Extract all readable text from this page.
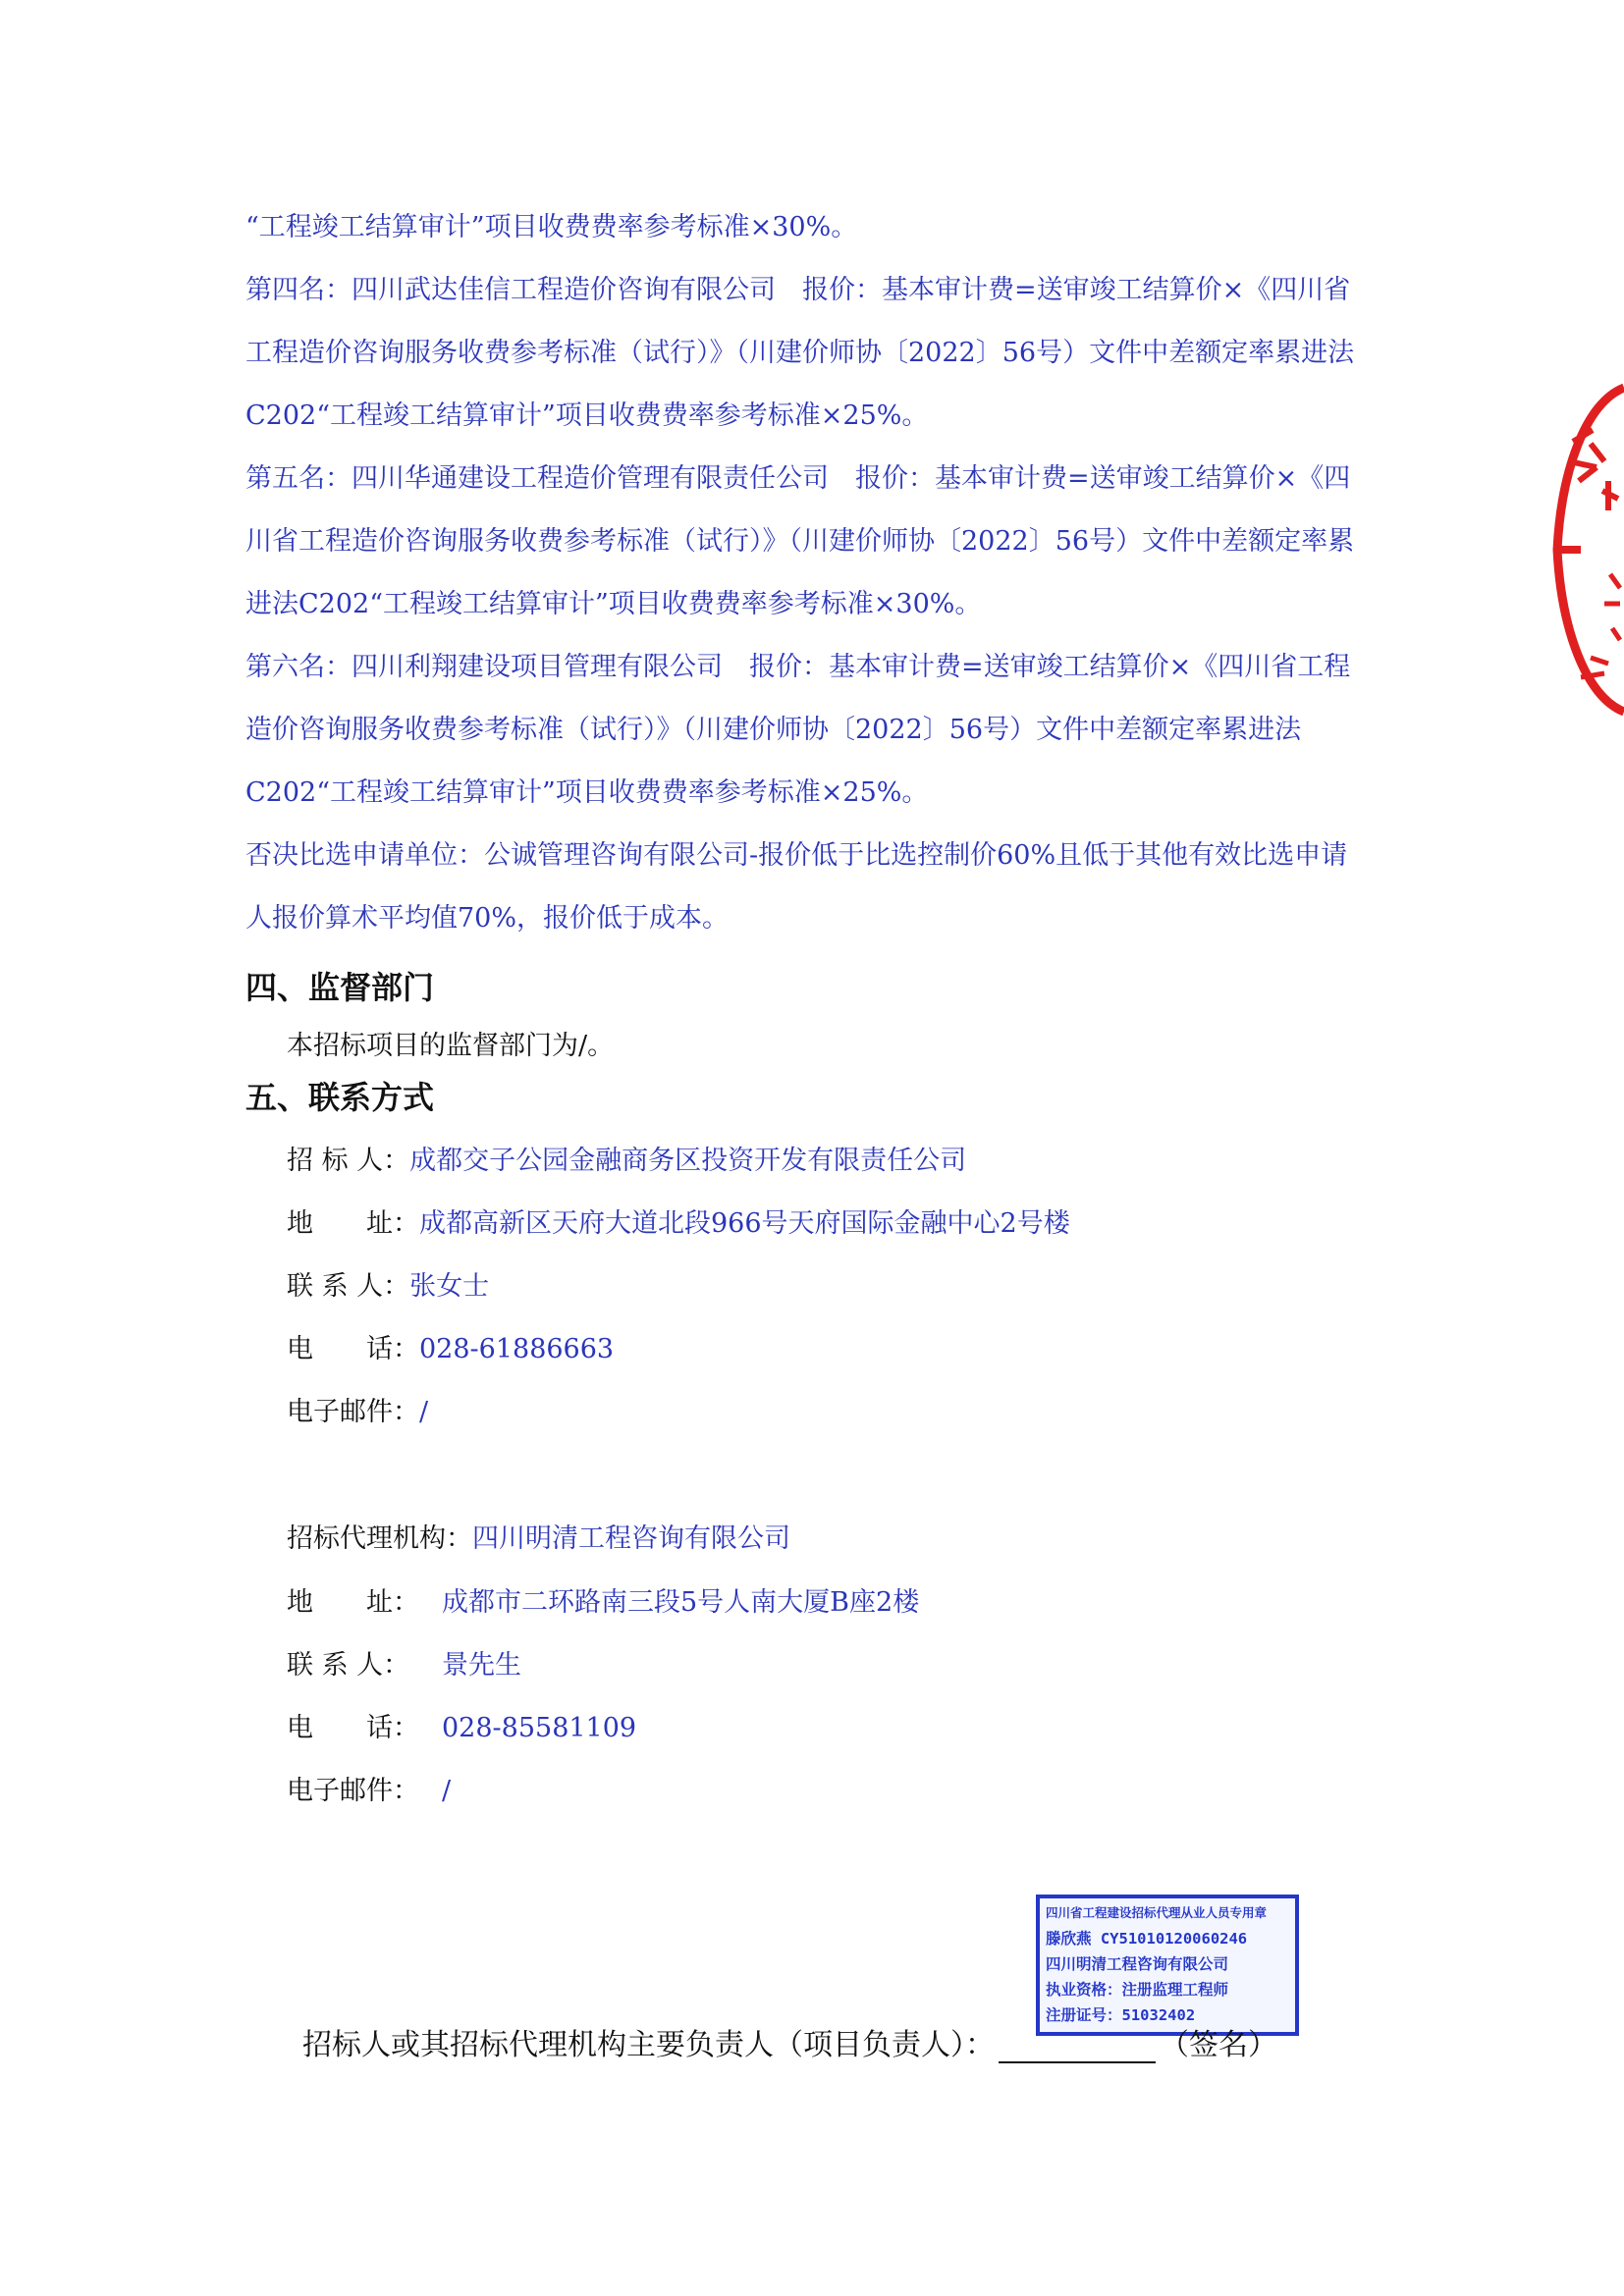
“工程竣工结算审计”项目收费费率参考标准×30%。

第四名：四川武达佳信工程造价咨询有限公司　报价：基本审计费=送审竣工结算价×《四川省工程造价咨询服务收费参考标准（试行）》（川建价师协〔2022〕56号）文件中差额定率累进法C202“工程竣工结算审计”项目收费费率参考标准×25%。

第五名：四川华通建设工程造价管理有限责任公司　报价：基本审计费=送审竣工结算价×《四川省工程造价咨询服务收费参考标准（试行）》（川建价师协〔2022〕56号）文件中差额定率累进法C202“工程竣工结算审计”项目收费费率参考标准×30%。

第六名：四川利翔建设项目管理有限公司　报价：基本审计费=送审竣工结算价×《四川省工程造价咨询服务收费参考标准（试行）》（川建价师协〔2022〕56号）文件中差额定率累进法C202“工程竣工结算审计”项目收费费率参考标准×25%。

否决比选申请单位：公诚管理咨询有限公司-报价低于比选控制价60%且低于其他有效比选申请人报价算术平均值70%，报价低于成本。

四、监督部门
本招标项目的监督部门为/。
五、联系方式
招 标 人：成都交子公园金融商务区投资开发有限责任公司
地　　址：成都高新区天府大道北段966号天府国际金融中心2号楼
联 系 人：张女士
电　　话：028-61886663
电子邮件：/
招标代理机构：四川明清工程咨询有限公司
地　　址： 成都市二环路南三段5号人南大厦B座2楼
联 系 人： 景先生
电　　话： 028-85581109
电子邮件： /
四川省工程建设招标代理从业人员专用章
滕欣燕 CY51010120060246
四川明清工程咨询有限公司
执业资格：注册监理工程师
注册证号：51032402
招标人或其招标代理机构主要负责人（项目负责人）：	（签名）
